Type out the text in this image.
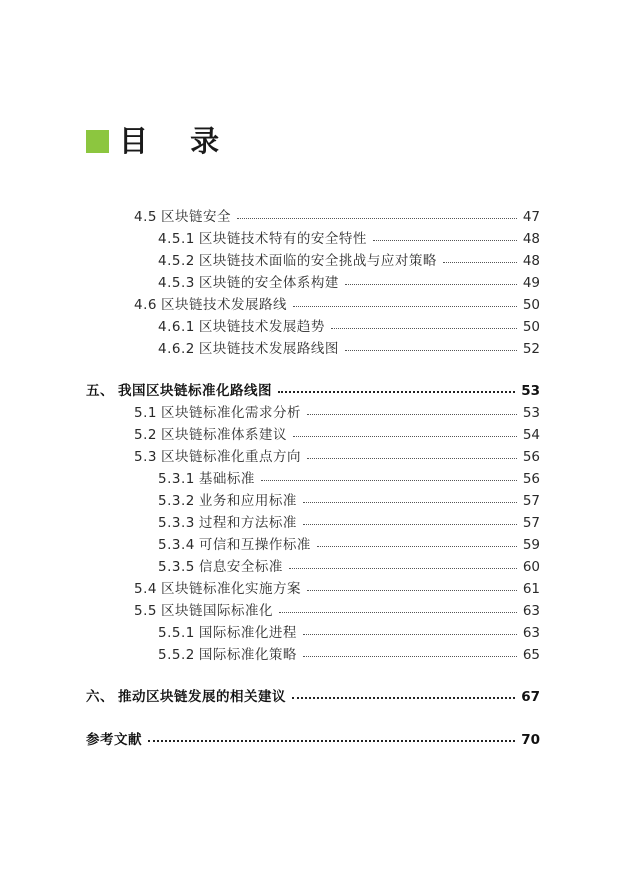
目 录
4.5 区块链安全	47
4.5.1 区块链技术特有的安全特性	48
4.5.2 区块链技术面临的安全挑战与应对策略	48
4.5.3 区块链的安全体系构建	49
4.6 区块链技术发展路线	50
4.6.1 区块链技术发展趋势	50
4.6.2 区块链技术发展路线图	52
五、 我国区块链标准化路线图	53
5.1 区块链标准化需求分析	53
5.2 区块链标准体系建议	54
5.3 区块链标准化重点方向	56
5.3.1 基础标准	56
5.3.2 业务和应用标准	57
5.3.3 过程和方法标准	57
5.3.4 可信和互操作标准	59
5.3.5 信息安全标准	60
5.4 区块链标准化实施方案	61
5.5 区块链国际标准化	63
5.5.1 国际标准化进程	63
5.5.2 国际标准化策略	65
六、 推动区块链发展的相关建议	67
参考文献	70
